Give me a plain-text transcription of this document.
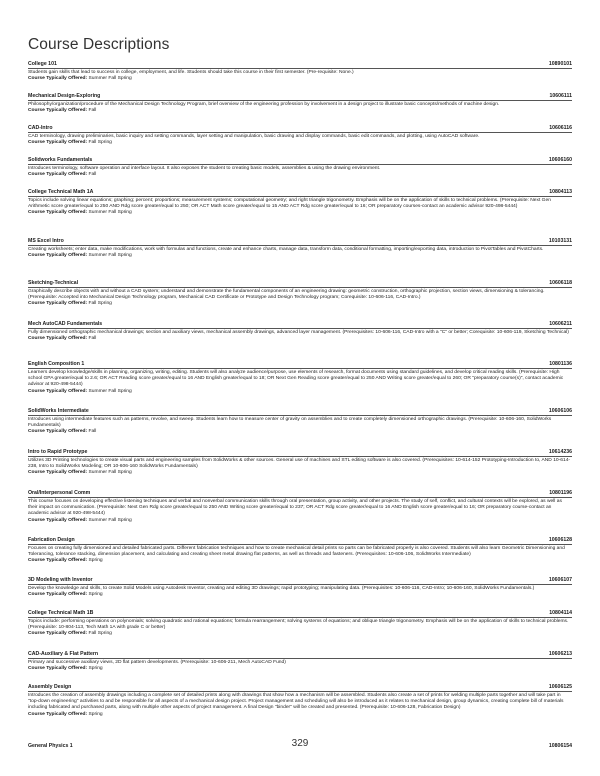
Course Descriptions
College 101	10890101
Students gain skills that lead to success in college, employment, and life. Students should take this course in their first semester. (Pre-requisite: None.)
Course Typically Offered: Summer Fall Spring
Mechanical Design-Exploring	10606111
Philosophy/organization/procedure of the Mechanical Design Technology Program, brief overview of the engineering profession by involvement in a design project to illustrate basic concepts/methods of machine design.
Course Typically Offered: Fall
CAD-Intro	10606116
CAD terminology, drawing preliminaries, basic inquiry and setting commands, layer setting and manipulation, basic drawing and display commands, basic edit commands, and plotting, using AutoCAD software.
Course Typically Offered: Fall Spring
Solidworks Fundamentals	10606160
Introduces terminology, software operation and interface layout. It also exposes the student to creating basic models, assemblies & using the drawing environment.
Course Typically Offered: Fall
College Technical Math 1A	10804113
Topics include solving linear equations; graphing; percent; proportions; measurement systems; computational geometry; and right triangle trigonometry. Emphasis will be on the application of skills to technical problems. (Prerequisite: Next Gen Arithmetic score greater/equal to 250 AND Rdg score greater/equal to 250; OR ACT Math score greater/equal to 15 AND ACT Rdg score greater/equal to 16; OR preparatory courses-contact an academic advisor 920-498-5444)
Course Typically Offered: Summer Fall Spring
MS Excel Intro	10103131
Creating worksheets; enter data, make modifications, work with formulas and functions, create and enhance charts, manage data, transform data, conditional formatting, importing/exporting data, introduction to PivotTables and PivotCharts.
Course Typically Offered: Summer Fall Spring
Sketching-Technical	10606118
Graphically describe objects with and without a CAD system; understand and demonstrate the fundamental components of an engineering drawing: geometric construction, orthographic projection, section views, dimensioning & tolerancing. (Prerequisite: Accepted into Mechanical Design Technology program, Mechanical CAD Certificate or Prototype and Design Technology program; Corequisite: 10-606-116, CAD-Intro.)
Course Typically Offered: Fall Spring
Mech AutoCAD Fundamentals	10606211
Fully dimensioned orthographic mechanical drawings; section and auxiliary views, mechanical assembly drawings, advanced layer management. (Prerequisites: 10-606-116, CAD-Intro with a "C" or better; Corequisite: 10-606-119, Sketching Technical)
Course Typically Offered: Fall
English Composition 1	10801136
Learners develop knowledge/skills in planning, organizing, writing, editing. Students will also analyze audience/purpose, use elements of research, format documents using standard guidelines, and develop critical reading skills. (Prerequisite: High school GPA greater/equal to 2.6; OR ACT Reading score greater/equal to 16 AND English greater/equal to 18; OR Next Gen Reading score greater/equal to 250 AND Writing score greater/equal to 260; OR "preparatory course(s)", contact academic advisor at 920-498-5444)
Course Typically Offered: Summer Fall Spring
SolidWorks Intermediate	10606106
Introduces using intermediate features such as patterns, revolve, and sweep. Students learn how to measure center of gravity on assemblies and to create completely dimensioned orthographic drawings. (Prerequisite: 10-606-160, SolidWorks Fundamentals)
Course Typically Offered: Fall
Intro to Rapid Prototype	10614236
Utilizes 3D Printing technologies to create visual parts and engineering samples from SolidWorks & other sources. General use of machines and STL editing software is also covered. (Prerequisites: 10-614-152 Prototyping-Introduction to, AND 10-614-238, Intro to SolidWorks Modeling; OR 10-606-160 SolidWorks Fundamentals)
Course Typically Offered: Summer Fall Spring
Oral/Interpersonal Comm	10801196
This course focuses on developing effective listening techniques and verbal and nonverbal communication skills through oral presentation, group activity, and other projects. The study of self, conflict, and cultural contexts will be explored, as well as their impact on communication. (Prerequisite: Next Gen Rdg score greater/equal to 250 AND Writing score greater/equal to 237; OR ACT Rdg score greater/equal to 16 AND English score greater/equal to 16; OR preparatory course-contact an academic advisor at 920-498-5444)
Course Typically Offered: Summer Fall Spring
Fabrication Design	10606128
Focuses on creating fully dimensioned and detailed fabricated parts. Different fabrication techniques and how to create mechanical detail prints so parts can be fabricated properly is also covered. Students will also learn Geometric Dimensioning and Tolerancing, tolerance stacking, dimension placement, and calculating and creating sheet metal drawing flat patterns, as well as threads and fasteners. (Prerequisites: 10-606-106, SolidWorks Intermediate)
Course Typically Offered: Spring
3D Modeling with Inventor	10606107
Develop the knowledge and skills, to create Solid Models using Autodesk Inventor, creating and editing 3D drawings; rapid prototyping; manipulating data. (Prerequisites: 10-606-116, CAD-Intro; 10-606-160, SolidWorks Fundamentals.)
Course Typically Offered: Spring
College Technical Math 1B	10804114
Topics include: performing operations on polynomials; solving quadratic and rational equations; formula rearrangement; solving systems of equations; and oblique triangle trigonometry. Emphasis will be on the application of skills to technical problems. (Prerequisite: 10-804-113, Tech Math 1A with grade C or better)
Course Typically Offered: Fall Spring
CAD-Auxiliary & Flat Pattern	10606213
Primary and successive auxiliary views, 2D flat pattern developments. (Prerequisite: 10-606-211, Mech AutoCAD Fund)
Course Typically Offered: Spring
Assembly Design	10606125
Introduces the creation of assembly drawings including a complete set of detailed prints along with drawings that show how a mechanism will be assembled. Students also create a set of prints for welding multiple parts together and will take part in "top-down engineering" activities to and be responsible for all aspects of a mechanical design project. Project management and scheduling will also be introduced as it relates to mechanical design, group dynamics, creating complete bill of materials including fabricated and purchased parts, along with multiple other aspects of project management. A final Design "binder" will be created and presented. (Prerequisite: 10-606-128, Fabrication Design)
Course Typically Offered: Spring
General Physics 1	10806154
329
